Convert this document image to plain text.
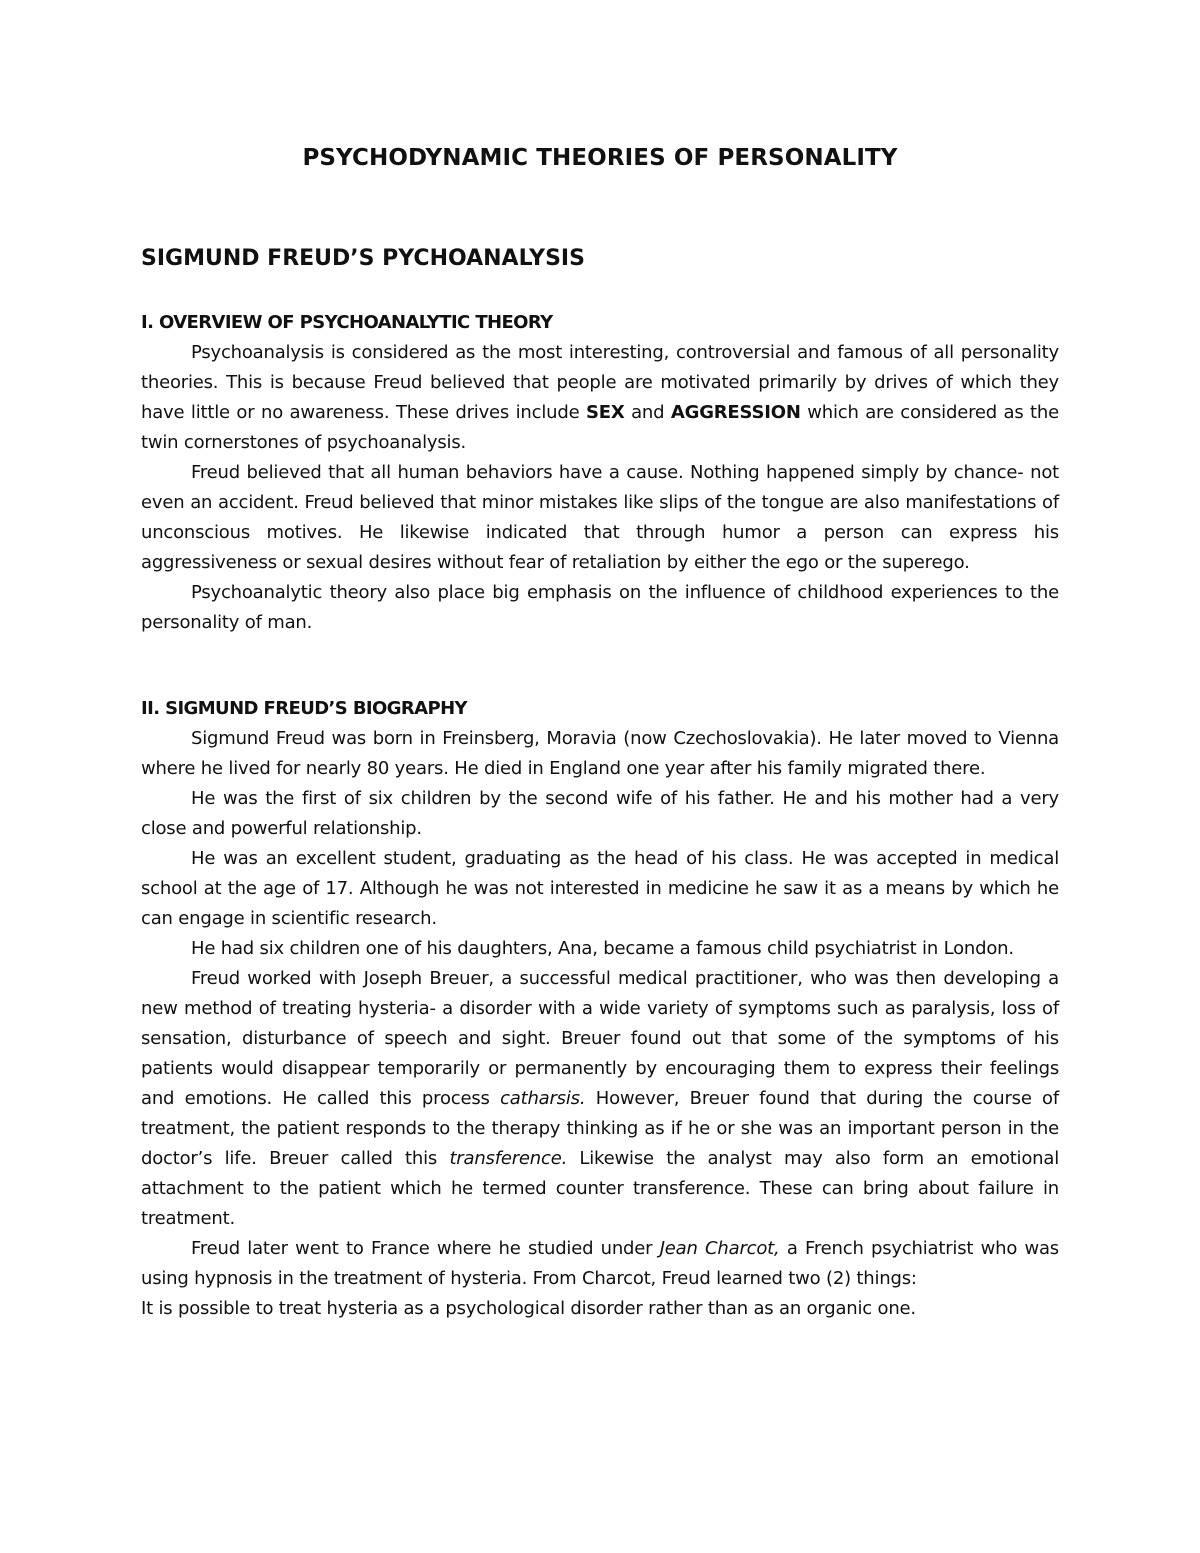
PSYCHODYNAMIC THEORIES OF PERSONALITY
SIGMUND FREUD’S PYCHOANALYSIS
I. OVERVIEW OF PSYCHOANALYTIC THEORY

Psychoanalysis is considered as the most interesting, controversial and famous of all personality theories. This is because Freud believed that people are motivated primarily by drives of which they have little or no awareness. These drives include SEX and AGGRESSION which are considered as the twin cornerstones of psychoanalysis.

Freud believed that all human behaviors have a cause. Nothing happened simply by chance- not even an accident. Freud believed that minor mistakes like slips of the tongue are also manifestations of unconscious motives. He likewise indicated that through humor a person can express his aggressiveness or sexual desires without fear of retaliation by either the ego or the superego.

Psychoanalytic theory also place big emphasis on the influence of childhood experiences to the personality of man.

II. SIGMUND FREUD’S BIOGRAPHY

Sigmund Freud was born in Freinsberg, Moravia (now Czechoslovakia). He later moved to Vienna where he lived for nearly 80 years. He died in England one year after his family migrated there.

He was the first of six children by the second wife of his father. He and his mother had a very close and powerful relationship.

He was an excellent student, graduating as the head of his class. He was accepted in medical school at the age of 17. Although he was not interested in medicine he saw it as a means by which he can engage in scientific research.

He had six children one of his daughters, Ana, became a famous child psychiatrist in London.

Freud worked with Joseph Breuer, a successful medical practitioner, who was then developing a new method of treating hysteria- a disorder with a wide variety of symptoms such as paralysis, loss of sensation, disturbance of speech and sight. Breuer found out that some of the symptoms of his patients would disappear temporarily or permanently by encouraging them to express their feelings and emotions. He called this process catharsis. However, Breuer found that during the course of treatment, the patient responds to the therapy thinking as if he or she was an important person in the doctor’s life. Breuer called this transference. Likewise the analyst may also form an emotional attachment to the patient which he termed counter transference. These can bring about failure in treatment.

Freud later went to France where he studied under Jean Charcot, a French psychiatrist who was using hypnosis in the treatment of hysteria. From Charcot, Freud learned two (2) things:

It is possible to treat hysteria as a psychological disorder rather than as an organic one.
